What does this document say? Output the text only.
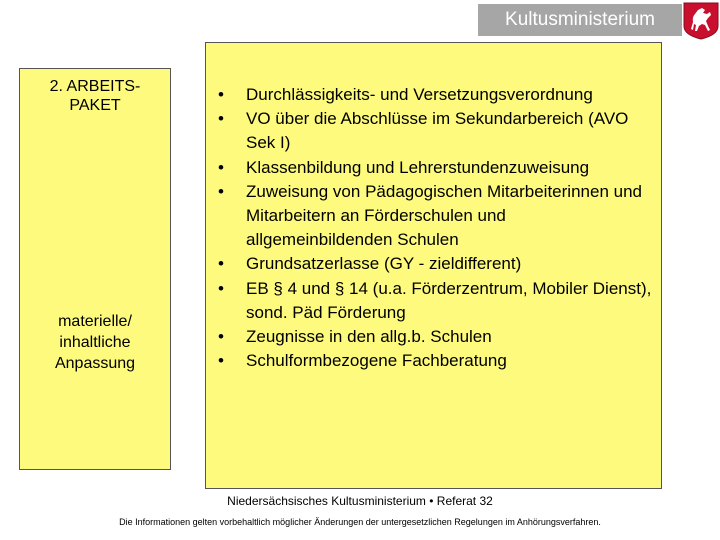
Kultusministerium
2. ARBEITS-
PAKET
materielle/
inhaltliche
Anpassung
•	Durchlässigkeits- und Versetzungsverordnung
•	VO über die Abschlüsse im Sekundarbereich (AVO Sek I)
•	Klassenbildung und Lehrerstundenzuweisung
•	Zuweisung von Pädagogischen Mitarbeiterinnen und Mitarbeitern an Förderschulen und allgemeinbildenden Schulen
•	Grundsatzerlasse (GY - zieldifferent)
•	EB § 4 und § 14 (u.a. Förderzentrum, Mobiler Dienst), sond. Päd Förderung
•	Zeugnisse in den allg.b. Schulen
•	Schulformbezogene Fachberatung
Niedersächsisches Kultusministerium • Referat 32
Die Informationen gelten vorbehaltlich möglicher Änderungen der untergesetzlichen Regelungen im Anhörungsverfahren.
